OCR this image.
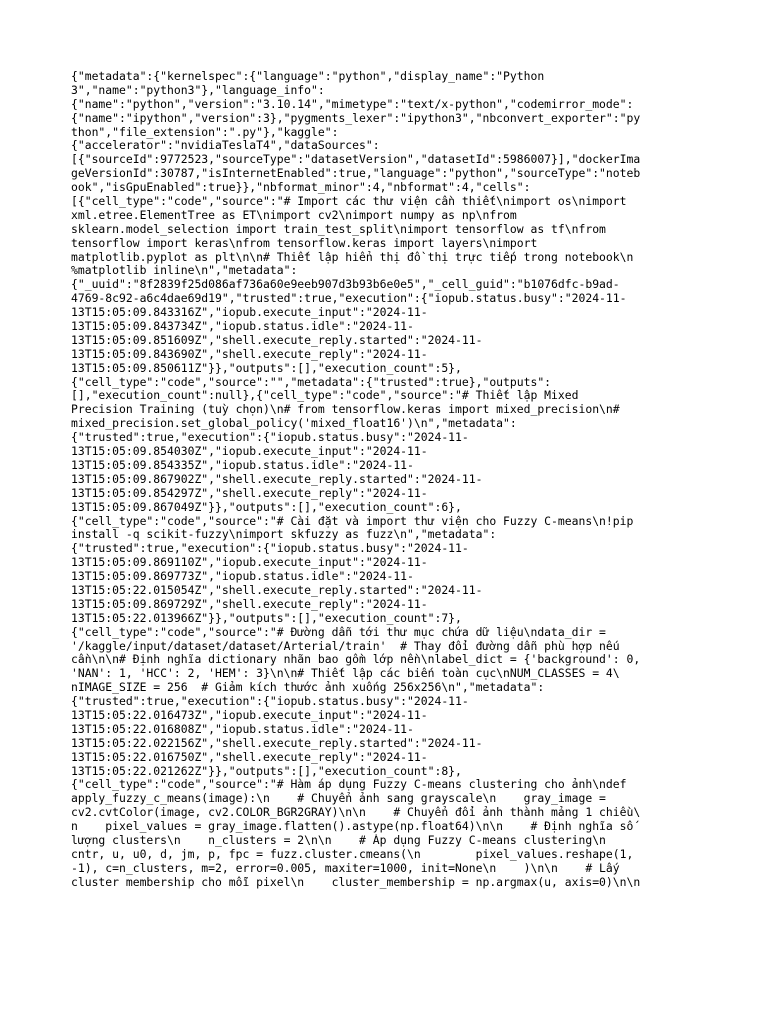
{"metadata":{"kernelspec":{"language":"python","display_name":"Python
3","name":"python3"},"language_info":
{"name":"python","version":"3.10.14","mimetype":"text/x-python","codemirror_mode":
{"name":"ipython","version":3},"pygments_lexer":"ipython3","nbconvert_exporter":"py
thon","file_extension":".py"},"kaggle":
{"accelerator":"nvidiaTeslaT4","dataSources":
[{"sourceId":9772523,"sourceType":"datasetVersion","datasetId":5986007}],"dockerIma
geVersionId":30787,"isInternetEnabled":true,"language":"python","sourceType":"noteb
ook","isGpuEnabled":true}},"nbformat_minor":4,"nbformat":4,"cells":
[{"cell_type":"code","source":"# Import các thư viện cần thiết\nimport os\nimport
xml.etree.ElementTree as ET\nimport cv2\nimport numpy as np\nfrom
sklearn.model_selection import train_test_split\nimport tensorflow as tf\nfrom
tensorflow import keras\nfrom tensorflow.keras import layers\nimport
matplotlib.pyplot as plt\n\n# Thiết lập hiển thị đồ thị trực tiếp trong notebook\n
%matplotlib inline\n","metadata":
{"_uuid":"8f2839f25d086af736a60e9eeb907d3b93b6e0e5","_cell_guid":"b1076dfc-b9ad-
4769-8c92-a6c4dae69d19","trusted":true,"execution":{"iopub.status.busy":"2024-11-
13T15:05:09.843316Z","iopub.execute_input":"2024-11-
13T15:05:09.843734Z","iopub.status.idle":"2024-11-
13T15:05:09.851609Z","shell.execute_reply.started":"2024-11-
13T15:05:09.843690Z","shell.execute_reply":"2024-11-
13T15:05:09.850611Z"}},"outputs":[],"execution_count":5},
{"cell_type":"code","source":"","metadata":{"trusted":true},"outputs":
[],"execution_count":null},{"cell_type":"code","source":"# Thiết lập Mixed
Precision Training (tuỳ chọn)\n# from tensorflow.keras import mixed_precision\n#
mixed_precision.set_global_policy('mixed_float16')\n","metadata":
{"trusted":true,"execution":{"iopub.status.busy":"2024-11-
13T15:05:09.854030Z","iopub.execute_input":"2024-11-
13T15:05:09.854335Z","iopub.status.idle":"2024-11-
13T15:05:09.867902Z","shell.execute_reply.started":"2024-11-
13T15:05:09.854297Z","shell.execute_reply":"2024-11-
13T15:05:09.867049Z"}},"outputs":[],"execution_count":6},
{"cell_type":"code","source":"# Cài đặt và import thư viện cho Fuzzy C-means\n!pip
install -q scikit-fuzzy\nimport skfuzzy as fuzz\n","metadata":
{"trusted":true,"execution":{"iopub.status.busy":"2024-11-
13T15:05:09.869110Z","iopub.execute_input":"2024-11-
13T15:05:09.869773Z","iopub.status.idle":"2024-11-
13T15:05:22.015054Z","shell.execute_reply.started":"2024-11-
13T15:05:09.869729Z","shell.execute_reply":"2024-11-
13T15:05:22.013966Z"}},"outputs":[],"execution_count":7},
{"cell_type":"code","source":"# Đường dẫn tới thư mục chứa dữ liệu\ndata_dir =
'/kaggle/input/dataset/dataset/Arterial/train'  # Thay đổi đường dẫn phù hợp nếu
cần\n\n# Định nghĩa dictionary nhãn bao gồm lớp nền\nlabel_dict = {'background': 0,
'NAN': 1, 'HCC': 2, 'HEM': 3}\n\n# Thiết lập các biến toàn cục\nNUM_CLASSES = 4\
nIMAGE_SIZE = 256  # Giảm kích thước ảnh xuống 256x256\n","metadata":
{"trusted":true,"execution":{"iopub.status.busy":"2024-11-
13T15:05:22.016473Z","iopub.execute_input":"2024-11-
13T15:05:22.016808Z","iopub.status.idle":"2024-11-
13T15:05:22.022156Z","shell.execute_reply.started":"2024-11-
13T15:05:22.016750Z","shell.execute_reply":"2024-11-
13T15:05:22.021262Z"}},"outputs":[],"execution_count":8},
{"cell_type":"code","source":"# Hàm áp dụng Fuzzy C-means clustering cho ảnh\ndef
apply_fuzzy_c_means(image):\n    # Chuyển ảnh sang grayscale\n    gray_image =
cv2.cvtColor(image, cv2.COLOR_BGR2GRAY)\n\n    # Chuyển đổi ảnh thành mảng 1 chiều\
n    pixel_values = gray_image.flatten().astype(np.float64)\n\n    # Định nghĩa số
lượng clusters\n    n_clusters = 2\n\n    # Áp dụng Fuzzy C-means clustering\n
cntr, u, u0, d, jm, p, fpc = fuzz.cluster.cmeans(\n        pixel_values.reshape(1,
-1), c=n_clusters, m=2, error=0.005, maxiter=1000, init=None\n    )\n\n    # Lấy
cluster membership cho mỗi pixel\n    cluster_membership = np.argmax(u, axis=0)\n\n
